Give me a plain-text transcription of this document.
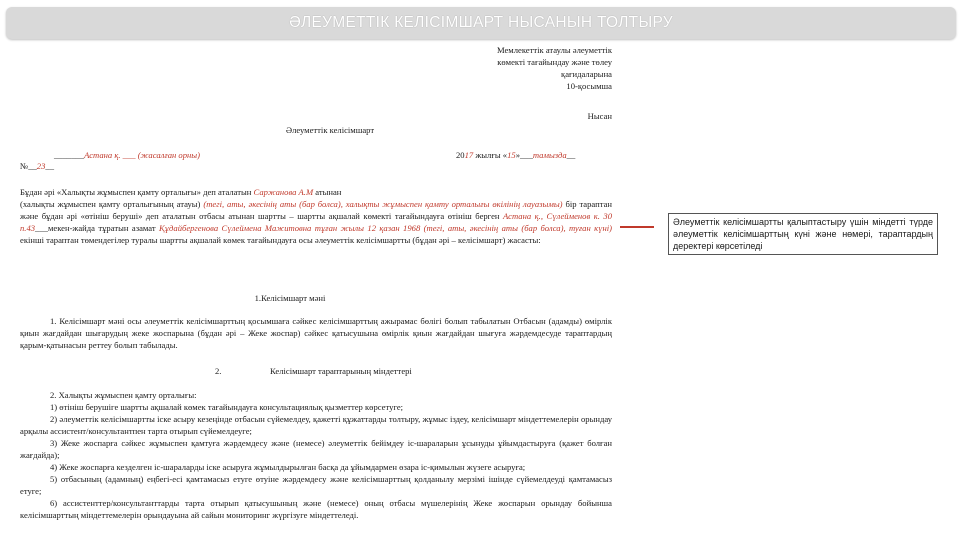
ӘЛЕУМЕТТІК КЕЛІСІМШАРТ НЫСАНЫН ТОЛТЫРУ
Мемлекеттік атаулы әлеуметтік
көмекті тағайындау және төлеу
қағидаларына
10-қосымша
Нысан
Әлеуметтік келісімшарт
_______Астана қ. ___ (жасалған орны)	2017 жылғы «15»___тамызда__
№__23__
Бұдан әрі «Халықты жұмыспен қамту орталығы» деп аталатын Саржанова А.М атынан
(халықты жұмыспен қамту орталығының атауы) (тегі, аты, әкесінің аты (бар болса), халықты жұмыспен қамту орталығы өкілінің лауазымы) бір тараптан және бұдан әрі «өтініш беруші» деп аталатын отбасы атынан шартты – шартты ақшалай көмекті тағайындауға өтініш берген Астана қ., Сүлейменов к. 30 п.43___мекен-жайда тұратын азамат Құдайбергенова Сүлеймена Мажитовна тұған жылы 12 қазан 1968 (тегі, аты, әкесінің аты (бар болса), туған күні) екінші тараптан төмендегілер туралы шартты ақшалай көмек тағайындауға осы әлеуметтік келісімшартты (бұдан әрі – келісімшарт) жасасты:
1.Келісімшарт мәні
1. Келісімшарт мәні осы әлеуметтік келісімшарттың қосымшаға сәйкес келісімшарттың ажырамас бөлігі болып табылатын Отбасын (адамды) өмірлік қиын жағдайдан шығарудың жеке жоспарына (бұдан әрі – Жеке жоспар) сәйкес қатысушына өмірлік қиын жағдайдан шығуға жәрдемдесуде тараптардың қарым-қатынасын реттеу болып табылады.
2.	Келісімшарт тараптарының міндеттері
2. Халықты жұмыспен қамту орталығы:
1) өтініш берушіге шартты ақшалай көмек тағайындауға консультациялық қызметтер көрсетуге;
2) әлеуметтік келісімшартты іске асыру кезеңінде отбасын сүйемелдеу, қажетті құжаттарды толтыру, жұмыс іздеу, келісімшарт міндеттемелерін орындау арқылы ассистент/консультантпен тарта отырып сүйемелдеуге;
3) Жеке жоспарға сәйкес жұмыспен қамтуға жәрдемдесу және (немесе) әлеуметтік бейімдеу іс-шараларын ұсынуды ұйымдастыруға (қажет болған жағдайда);
4) Жеке жоспарға кезделген іс-шараларды іске асыруға жұмылдырылған басқа да ұйымдармен өзара іс-қимылын жүзеге асыруға;
5) отбасының (адамның) еңбегі-есі қамтамасыз етуге өтуіне жәрдемдесу және келісімшарттың қолданылу мерзімі ішінде сүйемелдеуді қамтамасыз етуге;
6) ассистенттер/консультанттарды тарта отырып қатысушының және (немесе) оның отбасы мүшелерінің Жеке жоспарын орындау бойынша келісімшарттың міндеттемелерін орындауына ай сайын мониторинг жүргізуге міндеттеледі.
Әлеуметтік келісімшартты қалыптастыру үшін міндетті түрде әлеуметтік келісімшарттың күні және нөмері, тараптардың деректері көрсетіледі
